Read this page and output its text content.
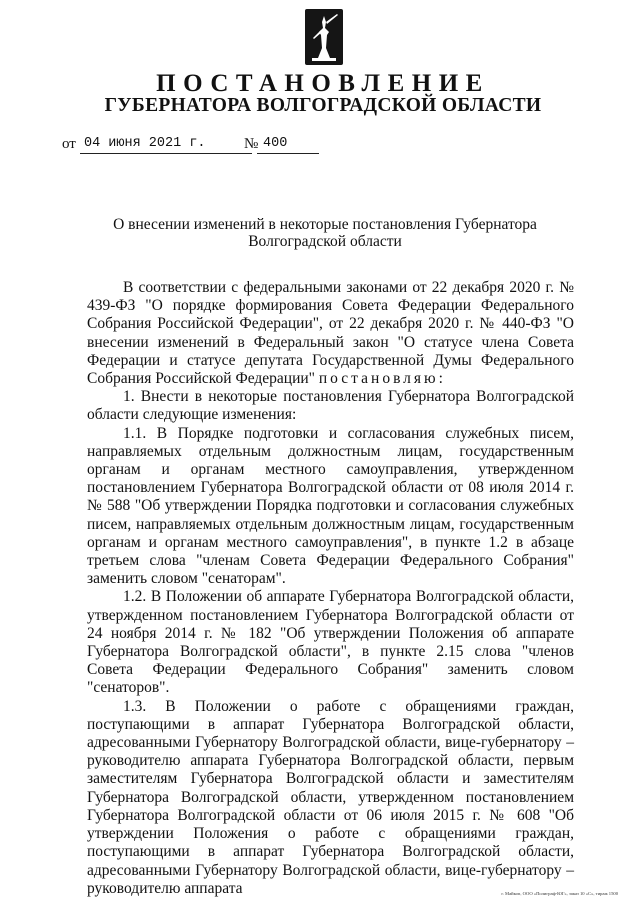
ПОСТАНОВЛЕНИЕ
ГУБЕРНАТОРА ВОЛГОГРАДСКОЙ ОБЛАСТИ
от 04 июня 2021 г.	№ 400
О внесении изменений в некоторые постановления Губернатора Волгоградской области

В соответствии с федеральными законами от 22 декабря 2020 г. № 439-ФЗ "О порядке формирования Совета Федерации Федерального Собрания Российской Федерации", от 22 декабря 2020 г. № 440-ФЗ "О внесении изменений в Федеральный закон "О статусе члена Совета Федерации и статусе депутата Государственной Думы Федерального Собрания Российской Федерации" постановляю:

1. Внести в некоторые постановления Губернатора Волгоградской области следующие изменения:

1.1. В Порядке подготовки и согласования служебных писем, направляемых отдельным должностным лицам, государственным органам и органам местного самоуправления, утвержденном постановлением Губернатора Волгоградской области от 08 июля 2014 г. № 588 "Об утверждении Порядка подготовки и согласования служебных писем, направляемых отдельным должностным лицам, государственным органам и органам местного самоуправления", в пункте 1.2 в абзаце третьем слова "членам Совета Федерации Федерального Собрания" заменить словом "сенаторам".

1.2. В Положении об аппарате Губернатора Волгоградской области, утвержденном постановлением Губернатора Волгоградской области от 24 ноября 2014 г. № 182 "Об утверждении Положения об аппарате Губернатора Волгоградской области", в пункте 2.15 слова "членов Совета Федерации Федерального Собрания" заменить словом "сенаторов".

1.3. В Положении о работе с обращениями граждан, поступающими в аппарат Губернатора Волгоградской области, адресованными Губернатору Волгоградской области, вице-губернатору – руководителю аппарата Губернатора Волгоградской области, первым заместителям Губернатора Волгоградской области и заместителям Губернатора Волгоградской области, утвержденном постановлением Губернатора Волгоградской области от 06 июля 2015 г. № 608 "Об утверждении Положения о работе с обращениями граждан, поступающими в аппарат Губернатора Волгоградской области, адресованными Губернатору Волгоградской области, вице-губернатору – руководителю аппарата	г. Майкоп, ООО «Полиграф-ЮГ», заказ 10 «С», тираж 1500
